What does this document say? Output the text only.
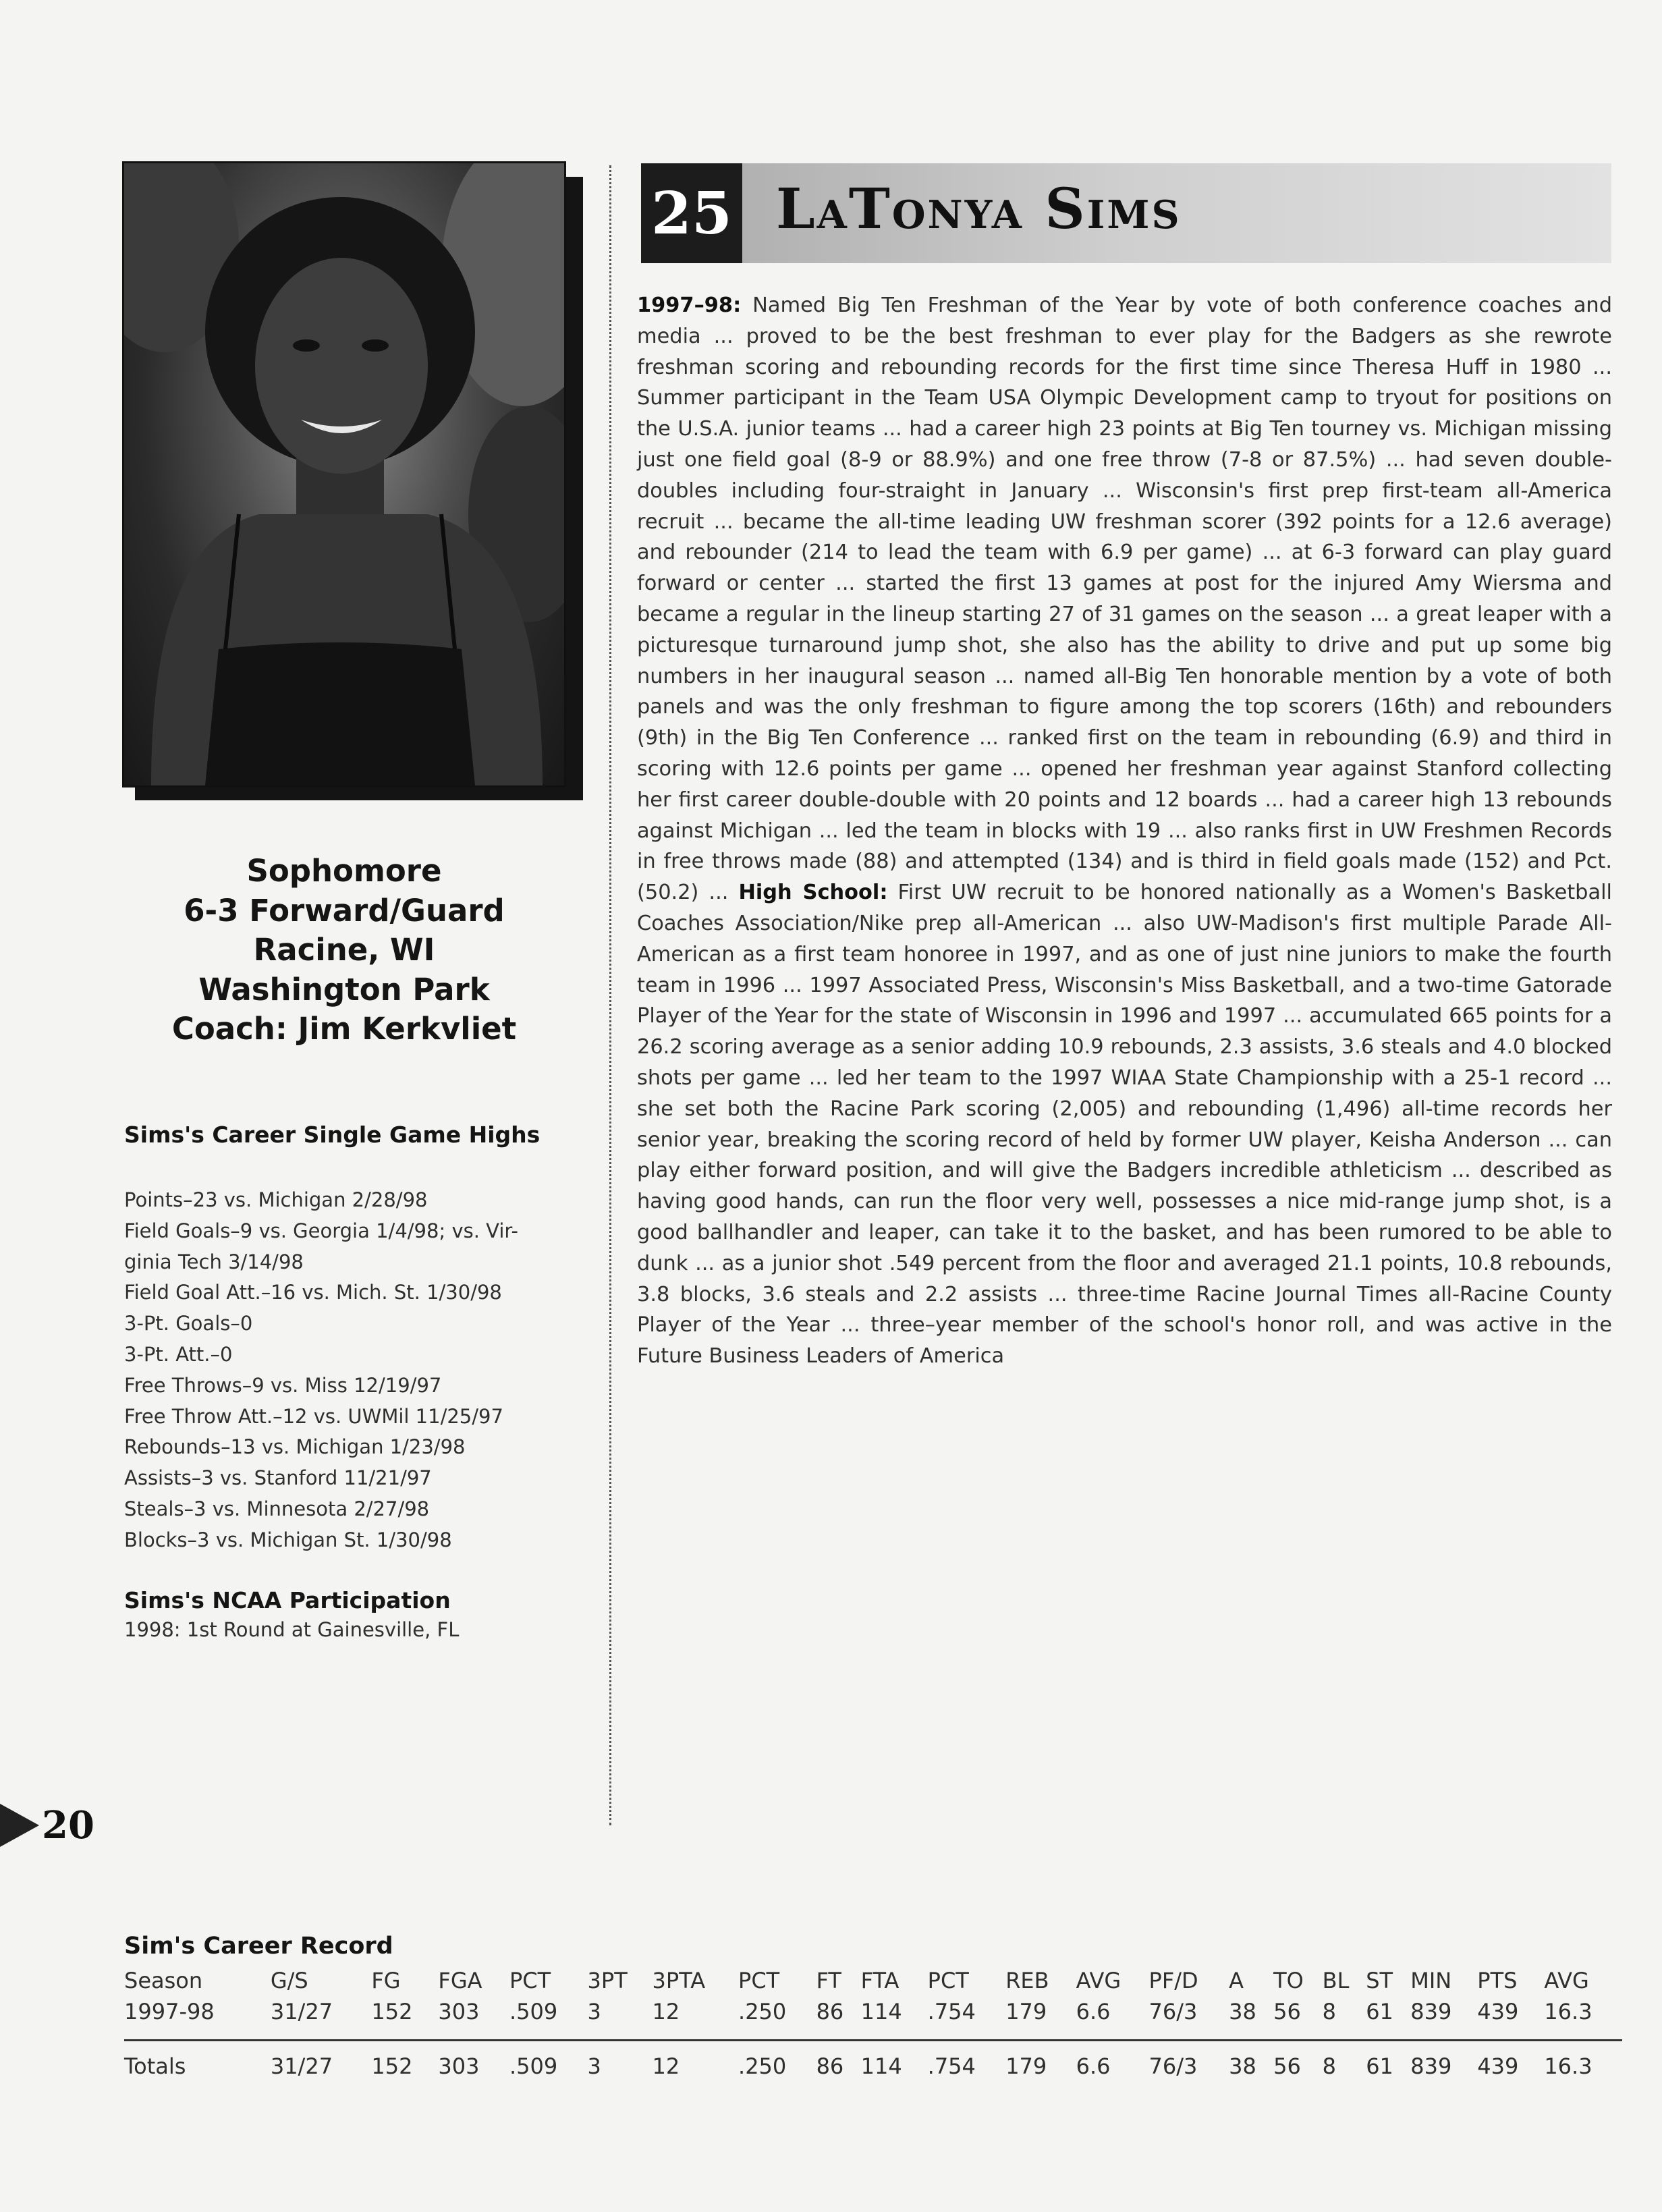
25 LaTonya Sims
1997–98: Named Big Ten Freshman of the Year by vote of both conference coaches and media ... proved to be the best freshman to ever play for the Badgers as she rewrote freshman scoring and rebounding records for the first time since Theresa Huff in 1980 ... Summer participant in the Team USA Olympic Development camp to tryout for positions on the U.S.A. junior teams ... had a career high 23 points at Big Ten tourney vs. Michigan missing just one field goal (8-9 or 88.9%) and one free throw (7-8 or 87.5%) ... had seven double-doubles including four-straight in January ... Wisconsin's first prep first-team all-America recruit ... became the all-time leading UW freshman scorer (392 points for a 12.6 average) and rebounder (214 to lead the team with 6.9 per game) ... at 6-3 forward can play guard forward or center ... started the first 13 games at post for the injured Amy Wiersma and became a regular in the lineup starting 27 of 31 games on the season ... a great leaper with a picturesque turnaround jump shot, she also has the ability to drive and put up some big numbers in her inaugural season ... named all-Big Ten honorable mention by a vote of both panels and was the only freshman to figure among the top scorers (16th) and rebounders (9th) in the Big Ten Conference ... ranked first on the team in rebounding (6.9) and third in scoring with 12.6 points per game ... opened her freshman year against Stanford collecting her first career double-double with 20 points and 12 boards ... had a career high 13 rebounds against Michigan ... led the team in blocks with 19 ... also ranks first in UW Freshmen Records in free throws made (88) and attempted (134) and is third in field goals made (152) and Pct. (50.2) ... High School: First UW recruit to be honored nationally as a Women's Basketball Coaches Association/Nike prep all-American ... also UW-Madison's first multiple Parade All-American as a first team honoree in 1997, and as one of just nine juniors to make the fourth team in 1996 ... 1997 Associated Press, Wisconsin's Miss Basketball, and a two-time Gatorade Player of the Year for the state of Wisconsin in 1996 and 1997 ... accumulated 665 points for a 26.2 scoring average as a senior adding 10.9 rebounds, 2.3 assists, 3.6 steals and 4.0 blocked shots per game ... led her team to the 1997 WIAA State Championship with a 25-1 record ... she set both the Racine Park scoring (2,005) and rebounding (1,496) all-time records her senior year, breaking the scoring record of held by former UW player, Keisha Anderson ... can play either forward position, and will give the Badgers incredible athleticism ... described as having good hands, can run the floor very well, possesses a nice mid-range jump shot, is a good ballhandler and leaper, can take it to the basket, and has been rumored to be able to dunk ... as a junior shot .549 percent from the floor and averaged 21.1 points, 10.8 rebounds, 3.8 blocks, 3.6 steals and 2.2 assists ... three-time Racine Journal Times all-Racine County Player of the Year ... three–year member of the school's honor roll, and was active in the Future Business Leaders of America
Sophomore
6-3 Forward/Guard
Racine, WI
Washington Park
Coach: Jim Kerkvliet
Sims's Career Single Game Highs
Points–23 vs. Michigan 2/28/98
Field Goals–9 vs. Georgia 1/4/98; vs. Vir-
ginia Tech 3/14/98
Field Goal Att.–16 vs. Mich. St. 1/30/98
3-Pt. Goals–0
3-Pt. Att.–0
Free Throws–9 vs. Miss 12/19/97
Free Throw Att.–12 vs. UWMil 11/25/97
Rebounds–13 vs. Michigan 1/23/98
Assists–3 vs. Stanford 11/21/97
Steals–3 vs. Minnesota 2/27/98
Blocks–3 vs. Michigan St. 1/30/98
Sims's NCAA Participation
1998: 1st Round at Gainesville, FL
20
Sim's Career Record
Season	G/S	FG	FGA	PCT	3PT	3PTA	PCT	FT	FTA	PCT	REB	AVG	PF/D	A	TO	BL	ST	MIN	PTS	AVG
1997-98	31/27	152	303	.509	3	12	.250	86	114	.754	179	6.6	76/3	38	56	8	61	839	439	16.3

Totals	31/27	152	303	.509	3	12	.250	86	114	.754	179	6.6	76/3	38	56	8	61	839	439	16.3
